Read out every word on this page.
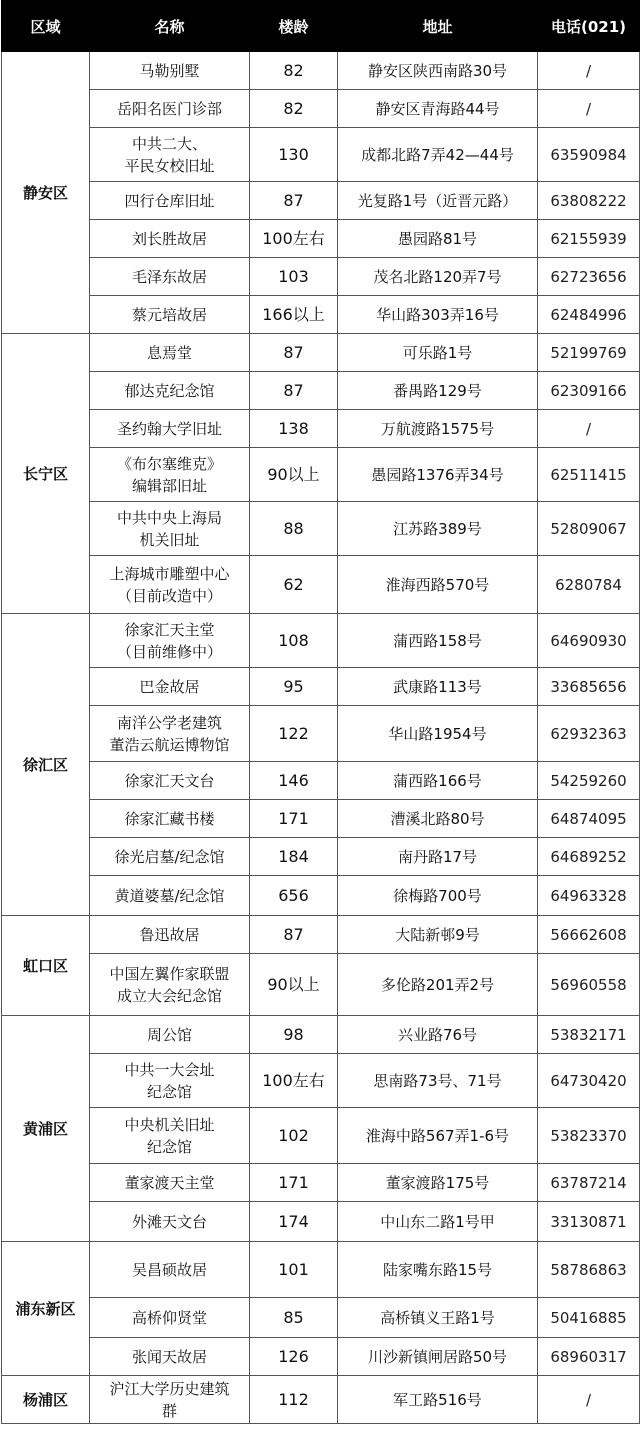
区域	名称	楼龄	地址	电话(021)
静安区	马勒别墅	82	静安区陕西南路30号	/
	岳阳名医门诊部	82	静安区青海路44号	/
	中共二大、
平民女校旧址	130	成都北路7弄42—44号	63590984
	四行仓库旧址	87	光复路1号（近晋元路）	63808222
	刘长胜故居	100左右	愚园路81号	62155939
	毛泽东故居	103	茂名北路120弄7号	62723656
	蔡元培故居	166以上	华山路303弄16号	62484996
长宁区	息焉堂	87	可乐路1号	52199769
	郁达克纪念馆	87	番禺路129号	62309166
	圣约翰大学旧址	138	万航渡路1575号	/
	《布尔塞维克》
编辑部旧址	90以上	愚园路1376弄34号	62511415
	中共中央上海局
机关旧址	88	江苏路389号	52809067
	上海城市雕塑中心
（目前改造中）	62	淮海西路570号	6280784
徐汇区	徐家汇天主堂
（目前维修中）	108	蒲西路158号	64690930
	巴金故居	95	武康路113号	33685656
	南洋公学老建筑
董浩云航运博物馆	122	华山路1954号	62932363
	徐家汇天文台	146	蒲西路166号	54259260
	徐家汇藏书楼	171	漕溪北路80号	64874095
	徐光启墓/纪念馆	184	南丹路17号	64689252
	黄道婆墓/纪念馆	656	徐梅路700号	64963328
虹口区	鲁迅故居	87	大陆新邨9号	56662608
	中国左翼作家联盟
成立大会纪念馆	90以上	多伦路201弄2号	56960558
黄浦区	周公馆	98	兴业路76号	53832171
	中共一大会址
纪念馆	100左右	思南路73号、71号	64730420
	中央机关旧址
纪念馆	102	淮海中路567弄1-6号	53823370
	董家渡天主堂	171	董家渡路175号	63787214
	外滩天文台	174	中山东二路1号甲	33130871
浦东新区	吴昌硕故居	101	陆家嘴东路15号	58786863
	高桥仰贤堂	85	高桥镇义王路1号	50416885
	张闻天故居	126	川沙新镇闸居路50号	68960317
杨浦区	沪江大学历史建筑
群	112	军工路516号	/
